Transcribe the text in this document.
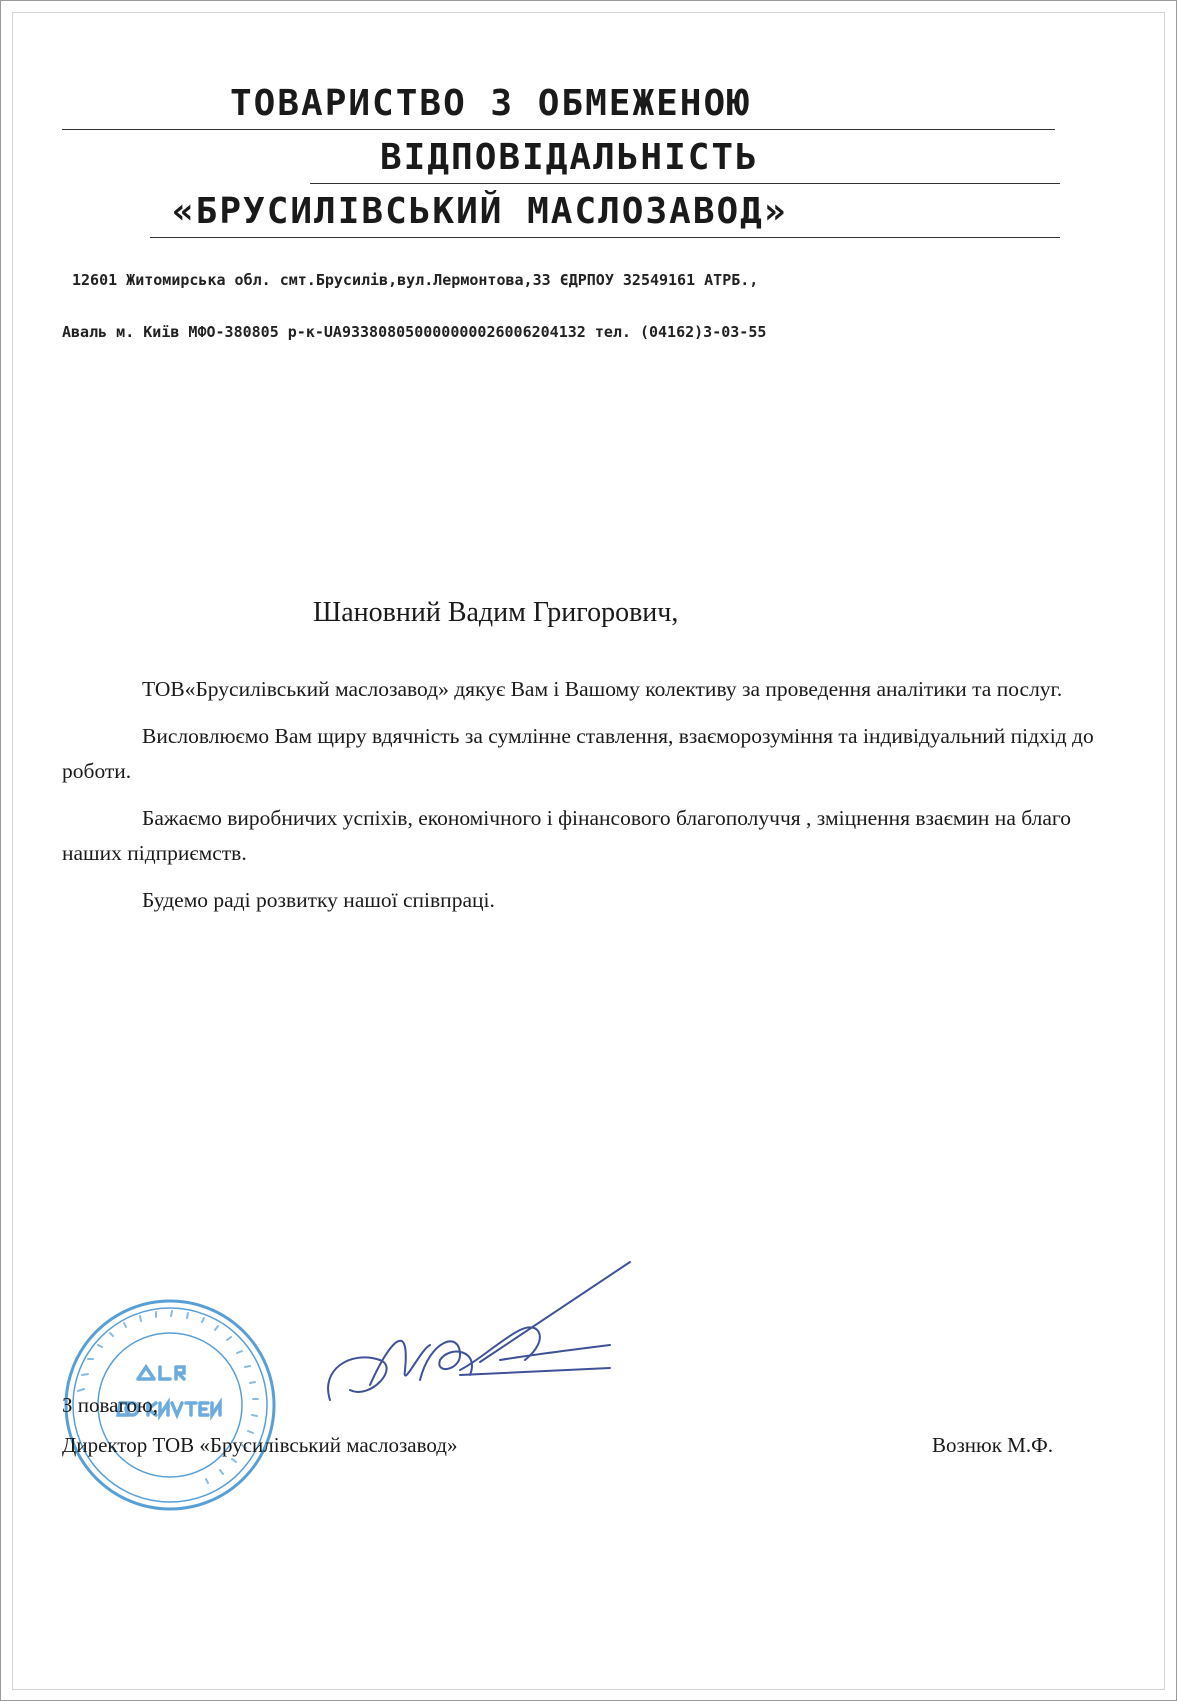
ТОВАРИСТВО З ОБМЕЖЕНОЮ
ВІДПОВІДАЛЬНІСТЬ
«БРУСИЛІВСЬКИЙ МАСЛОЗАВОД»
12601 Житомирська обл. смт.Брусилів,вул.Лермонтова,33 ЄДРПОУ 32549161 АТРБ.,
Аваль м. Київ МФО-380805 р-к-UA933808050000000026006204132 тел. (04162)3-03-55
Шановний Вадим Григорович,

ТОВ«Брусилівський маслозавод» дякує Вам і Вашому колективу за проведення аналітики та послуг.

Висловлюємо Вам щиру вдячність за сумлінне ставлення, взаєморозуміння та індивідуальний підхід до роботи.

Бажаємо виробничих успіхів, економічного і фінансового благополуччя , зміцнення взаємин на благо наших підприємств.

Будемо раді розвитку нашої співпраці.

З повагою,
Директор ТОВ «Брусилівський маслозавод»	Вознюк М.Ф.
